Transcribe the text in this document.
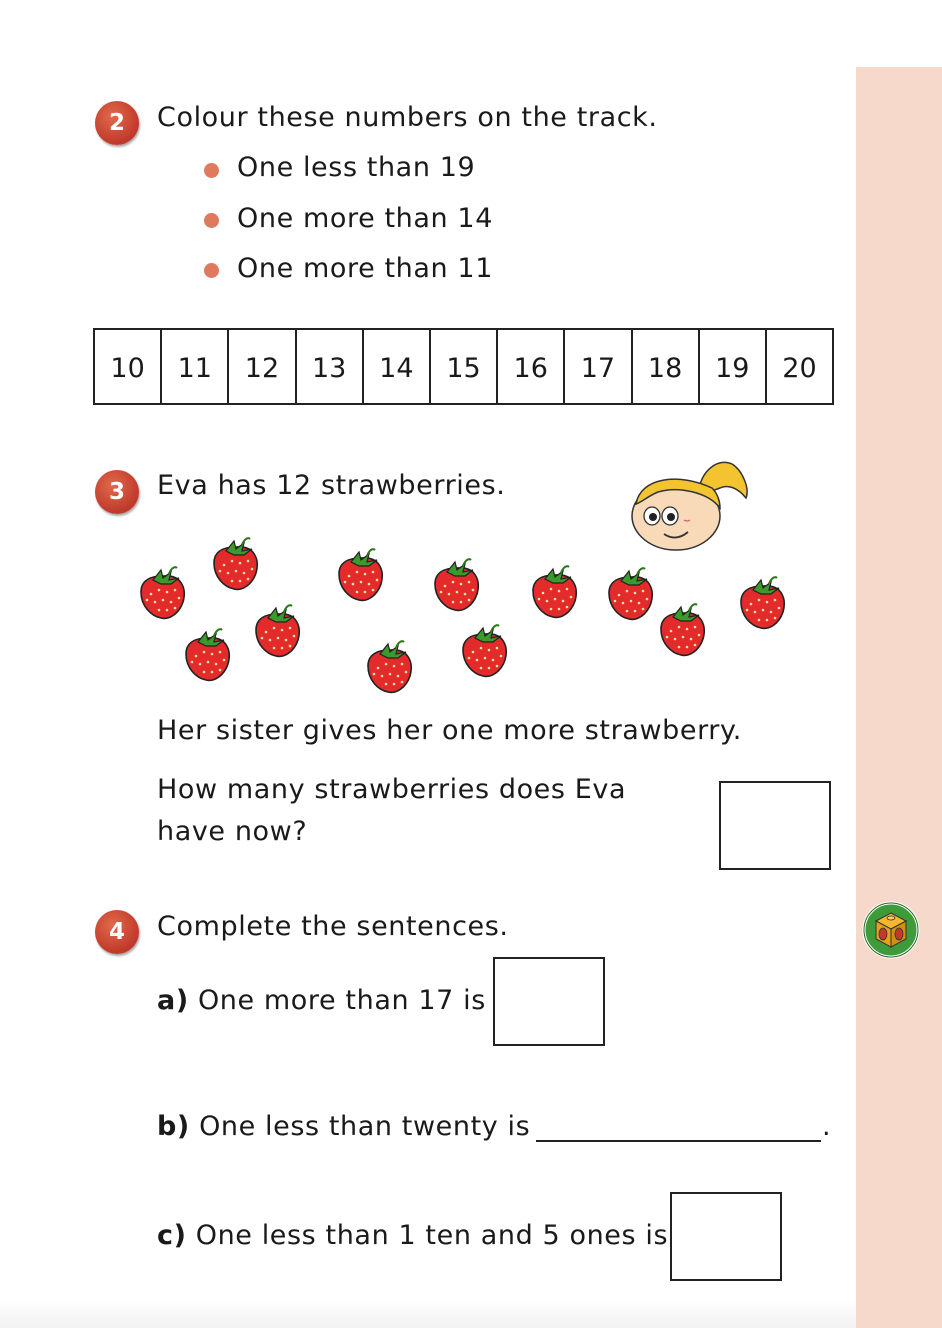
2	Colour these numbers on the track.
One less than 19
One more than 14
One more than 11
10	11	12	13	14	15	16	17	18	19	20
3	Eva has 12 strawberries.
Her sister gives her one more strawberry.
How many strawberries does Eva
have now?
4	Complete the sentences.
a) One more than 17 is
b) One less than twenty is	.
c) One less than 1 ten and 5 ones is
